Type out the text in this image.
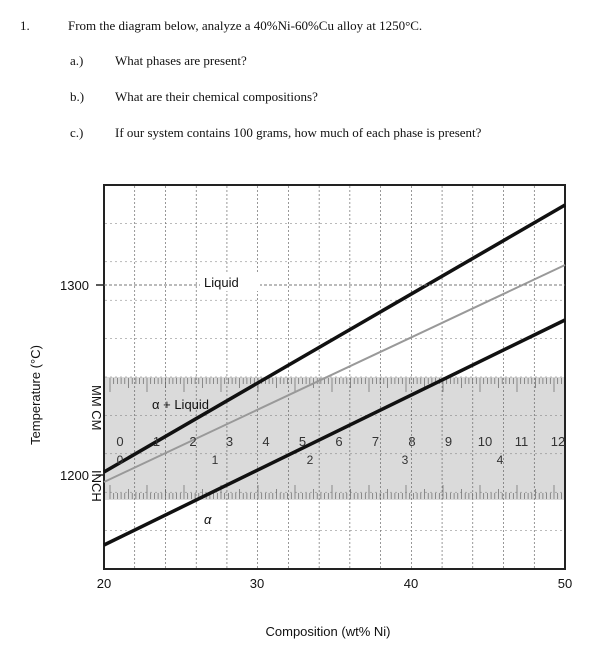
1.	From the diagram below, analyze a 40%Ni-60%Cu alloy at 1250°C.
a.) What phases are present?
b.) What are their chemical compositions?
c.) If our system contains 100 grams, how much of each phase is present?
Liquid
α + Liquid
α
MM CM
INCH
0 1 2 3 4 5 6 7 8 9 10 11 12
0	1	2	3	4
1300
1200
20	30	40	50
Temperature (°C)
Composition (wt% Ni)
